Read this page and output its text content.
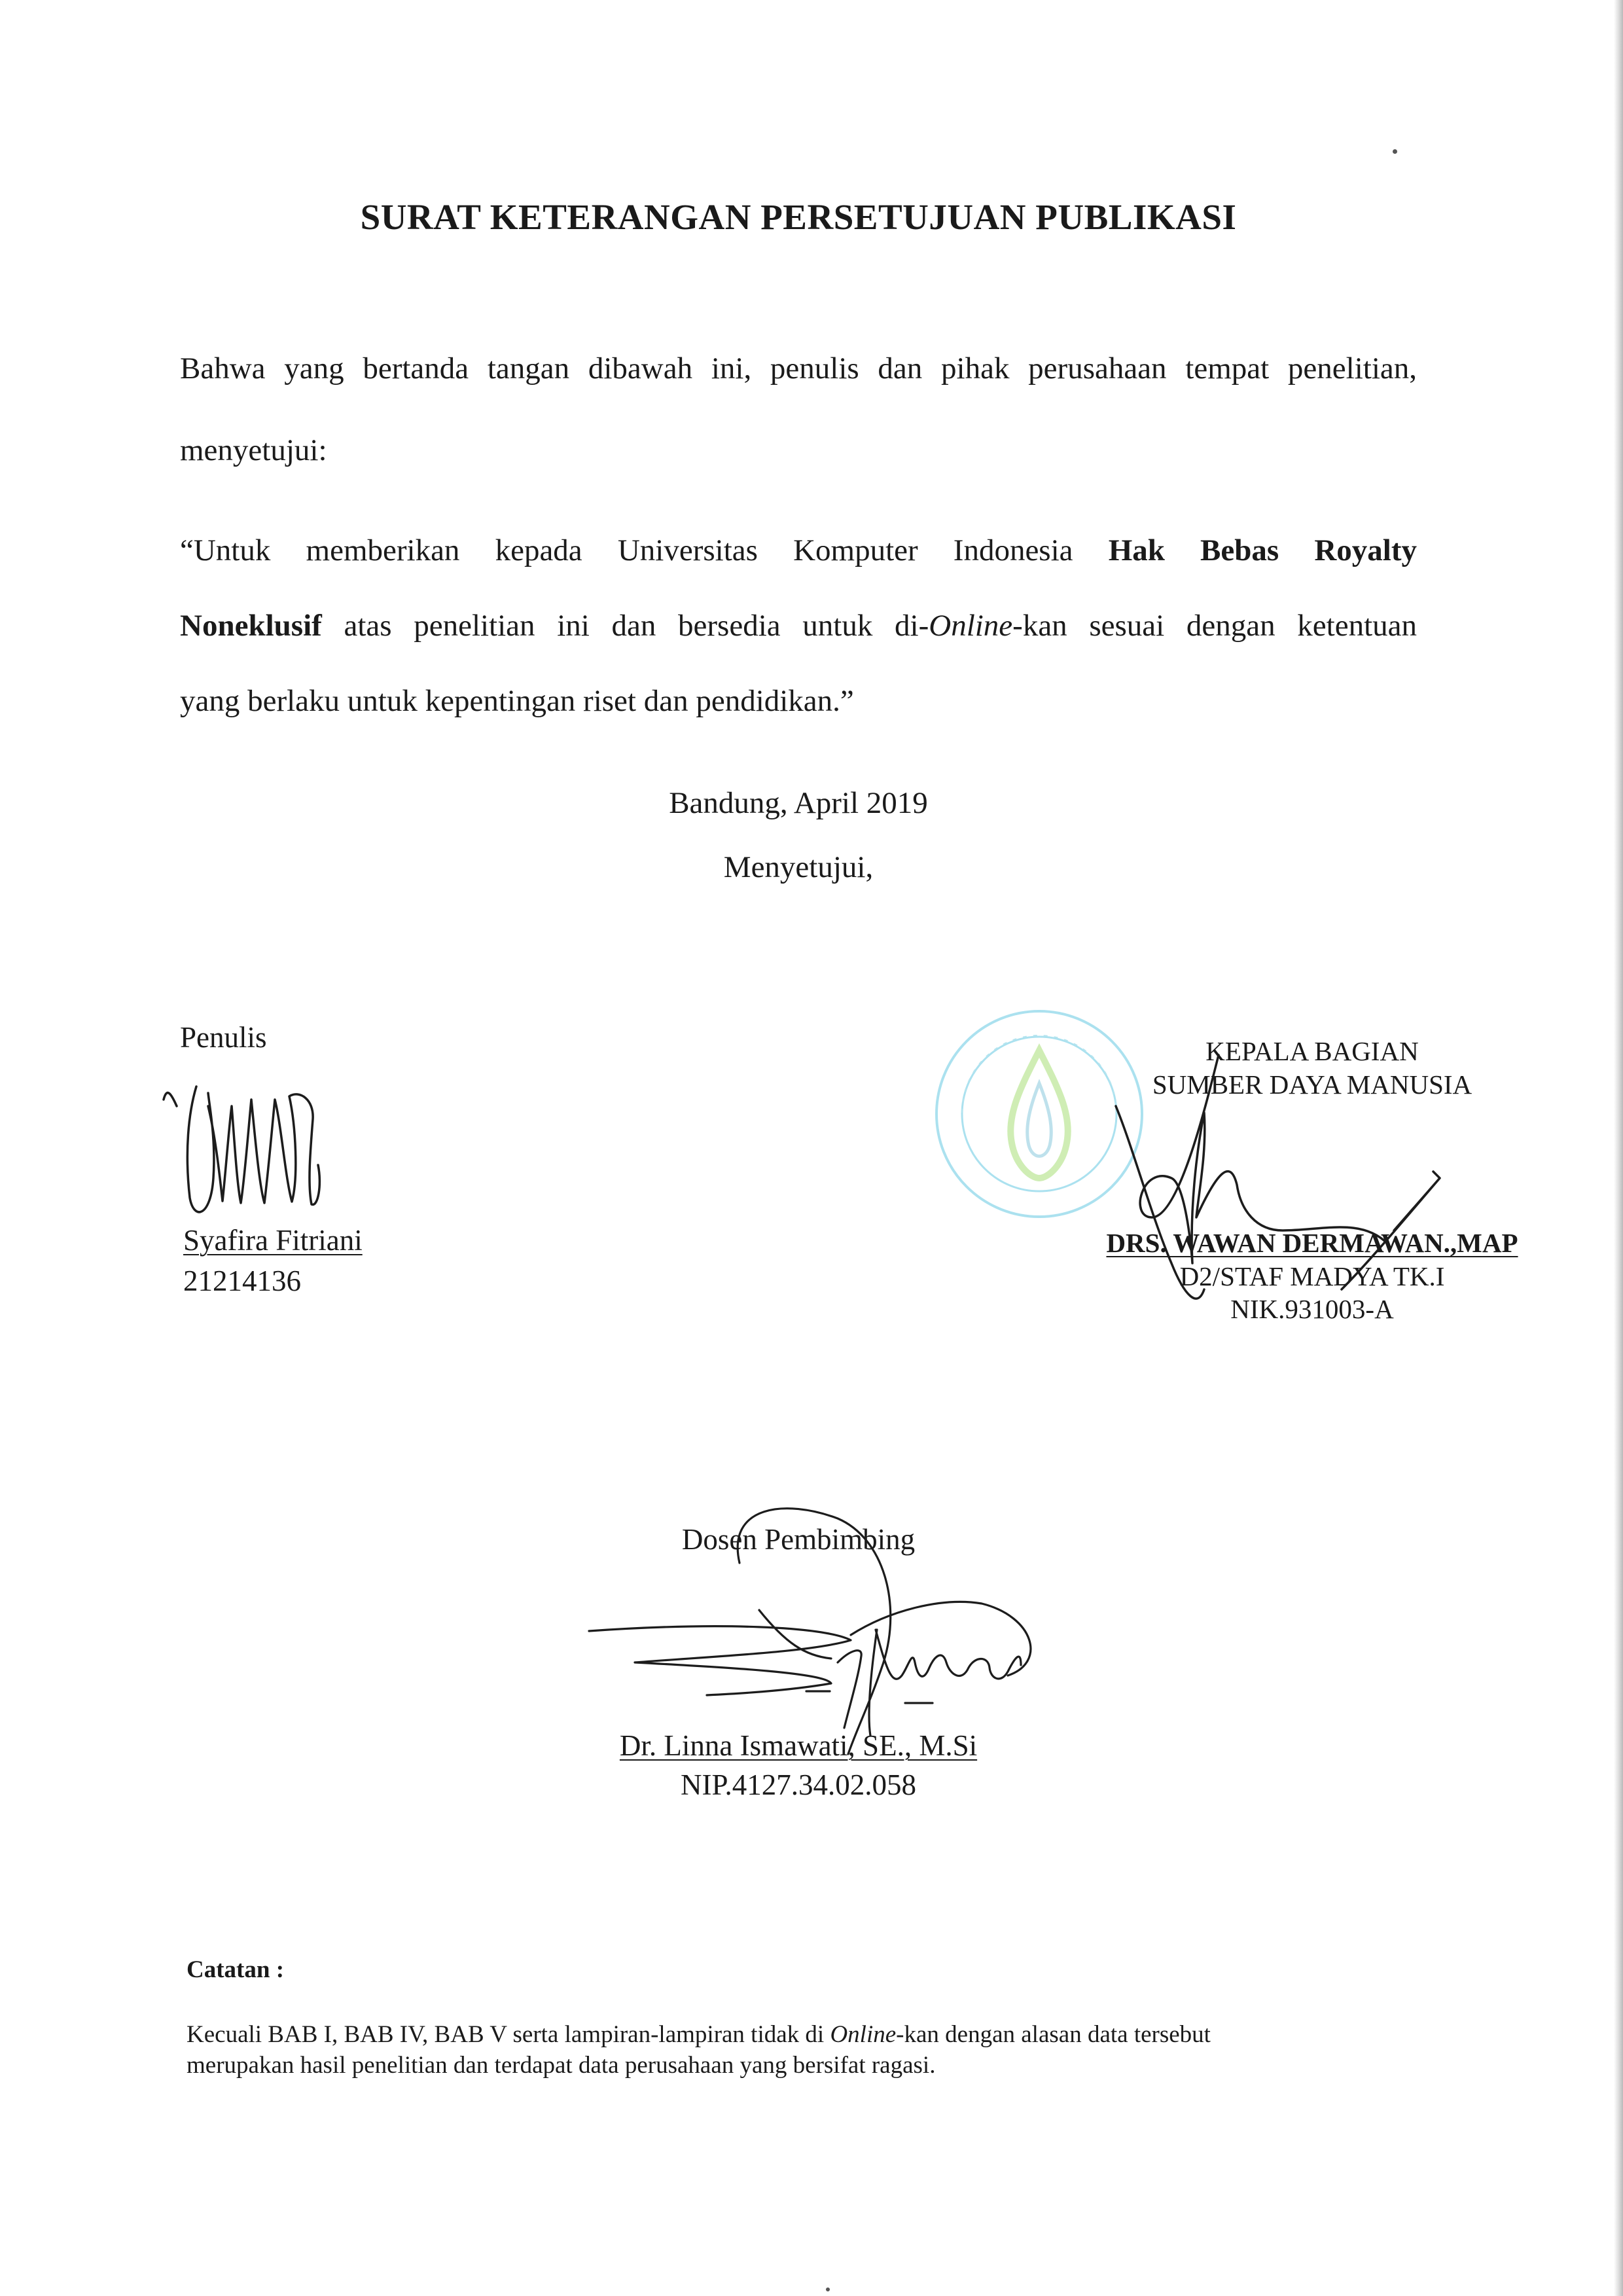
SURAT KETERANGAN PERSETUJUAN PUBLIKASI
Bahwa yang bertanda tangan dibawah ini, penulis dan pihak perusahaan tempat penelitian,
menyetujui:
“Untuk memberikan kepada Universitas Komputer Indonesia Hak Bebas Royalty
Noneklusif atas penelitian ini dan bersedia untuk di-Online-kan sesuai dengan ketentuan
yang berlaku untuk kepentingan riset dan pendidikan.”
Bandung, April 2019
Menyetujui,
Penulis
Syafira Fitriani
21214136
KEPALA BAGIAN
SUMBER DAYA MANUSIA
DRS. WAWAN DERMAWAN.,MAP
D2/STAF MADYA TK.I
NIK.931003-A
Dosen Pembimbing
Dr. Linna Ismawati, SE., M.Si
NIP.4127.34.02.058
Catatan :
Kecuali BAB I, BAB IV, BAB V serta lampiran-lampiran tidak di Online-kan dengan alasan data tersebut
merupakan hasil penelitian dan terdapat data perusahaan yang bersifat ragasi.
